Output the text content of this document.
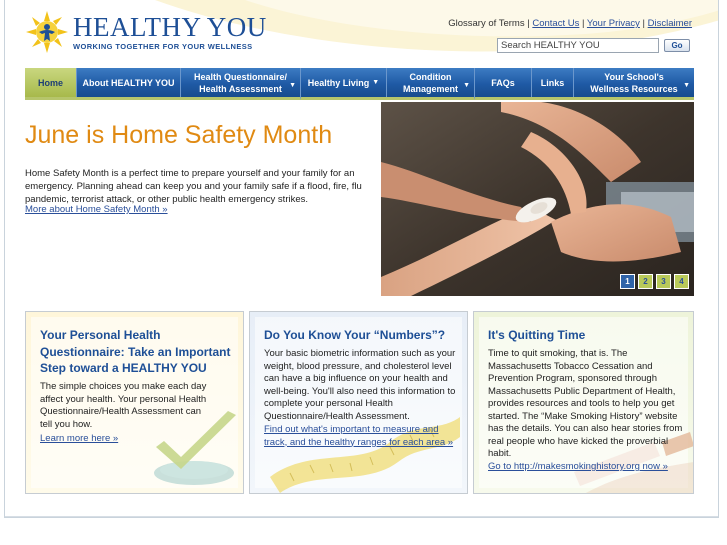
HEALTHY YOU
WORKING TOGETHER FOR YOUR WELLNESS
Glossary of Terms | Contact Us | Your Privacy | Disclaimer
Search HEALTHY YOU
Go
Home About HEALTHY YOU
Health Questionnaire/
Health Assessment	▼ Healthy Living ▼
Condition
Management ▼ FAQs	Links
Your School's
Wellness Resources ▼
June is Home Safety Month

Home Safety Month is a perfect time to prepare yourself and your family for an emergency. Planning ahead can keep you and your family safe if a flood, fire, flu pandemic, terrorist attack, or other public health emergency strikes.

More about Home Safety Month »
1	2	3	4
Your Personal Health Questionnaire: Take an Important Step toward a HEALTHY YOU

The simple choices you make each day affect your health. Your personal Health Questionnaire/Health Assessment can tell you how.

Learn more here »
Do You Know Your “Numbers”?

Your basic biometric information such as your weight, blood pressure, and cholesterol level can have a big influence on your health and well-being. You'll also need this information to complete your personal Health Questionnaire/Health Assessment.

Find out what's important to measure and track, and the healthy ranges for each area »
It's Quitting Time

Time to quit smoking, that is. The Massachusetts Tobacco Cessation and Prevention Program, sponsored through Massachusetts Public Department of Health, provides resources and tools to help you get started. The “Make Smoking History” website has the details. You can also hear stories from real people who have kicked the proverbial habit.

Go to http://makesmokinghistory.org now »
